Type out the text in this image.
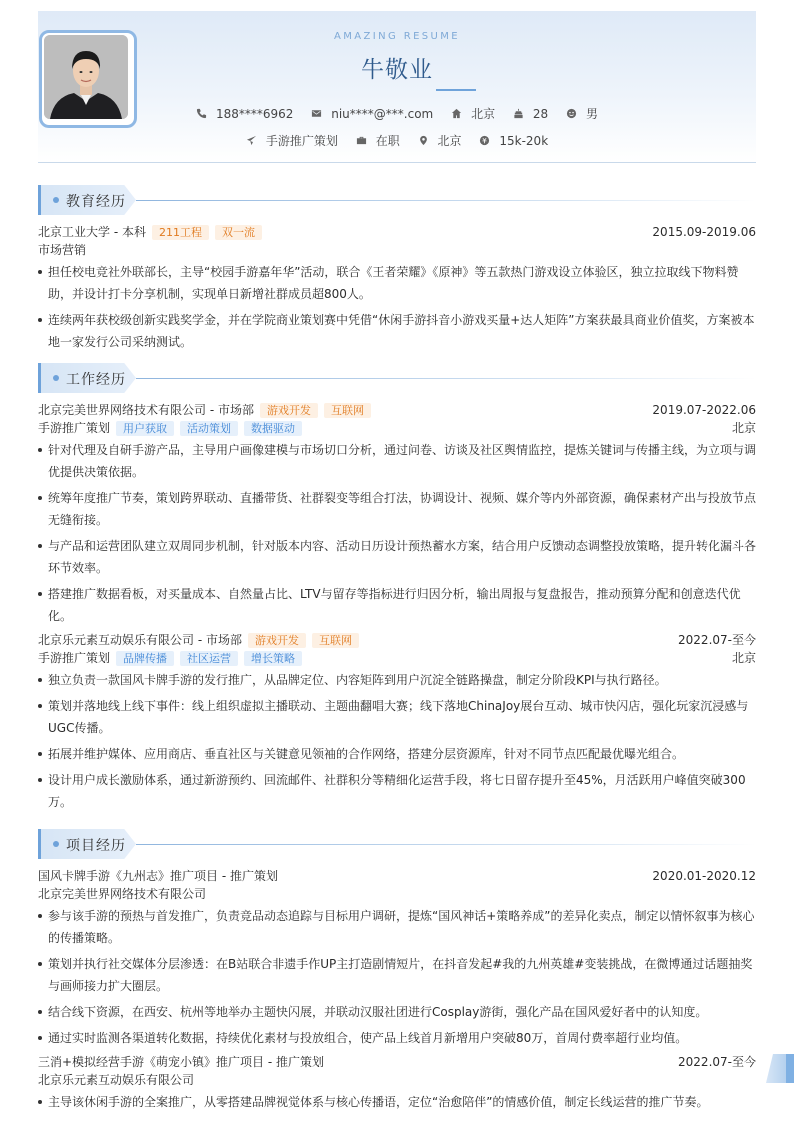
AMAZING RESUME
牛敬业
188****6962
	niu****@***.com
	北京
	28
	男
手游推广策划
	在职
	北京
	15k-20k
教育经历
北京工业大学 - 本科	211工程	双一流	2015.09-2019.06
市场营销
担任校电竞社外联部长，主导“校园手游嘉年华”活动，联合《王者荣耀》《原神》等五款热门游戏设立体验区，独立拉取线下物料赞助，并设计打卡分享机制，实现单日新增社群成员超800人。
连续两年获校级创新实践奖学金，并在学院商业策划赛中凭借“休闲手游抖音小游戏买量+达人矩阵”方案获最具商业价值奖，方案被本地一家发行公司采纳测试。
工作经历
北京完美世界网络技术有限公司 - 市场部	游戏开发	互联网	2019.07-2022.06
手游推广策划	用户获取	活动策划	数据驱动	北京
针对代理及自研手游产品，主导用户画像建模与市场切口分析，通过问卷、访谈及社区舆情监控，提炼关键词与传播主线，为立项与调优提供决策依据。
统筹年度推广节奏，策划跨界联动、直播带货、社群裂变等组合打法，协调设计、视频、媒介等内外部资源，确保素材产出与投放节点无缝衔接。
与产品和运营团队建立双周同步机制，针对版本内容、活动日历设计预热蓄水方案，结合用户反馈动态调整投放策略，提升转化漏斗各环节效率。
搭建推广数据看板，对买量成本、自然量占比、LTV与留存等指标进行归因分析，输出周报与复盘报告，推动预算分配和创意迭代优化。
北京乐元素互动娱乐有限公司 - 市场部	游戏开发	互联网	2022.07-至今
手游推广策划	品牌传播	社区运营	增长策略	北京
独立负责一款国风卡牌手游的发行推广，从品牌定位、内容矩阵到用户沉淀全链路操盘，制定分阶段KPI与执行路径。
策划并落地线上线下事件：线上组织虚拟主播联动、主题曲翻唱大赛；线下落地ChinaJoy展台互动、城市快闪店，强化玩家沉浸感与UGC传播。
拓展并维护媒体、应用商店、垂直社区与关键意见领袖的合作网络，搭建分层资源库，针对不同节点匹配最优曝光组合。
设计用户成长激励体系，通过新游预约、回流邮件、社群积分等精细化运营手段，将七日留存提升至45%，月活跃用户峰值突破300万。
项目经历
国风卡牌手游《九州志》推广项目 - 推广策划	2020.01-2020.12
北京完美世界网络技术有限公司
参与该手游的预热与首发推广，负责竞品动态追踪与目标用户调研，提炼“国风神话+策略养成”的差异化卖点，制定以情怀叙事为核心的传播策略。
策划并执行社交媒体分层渗透：在B站联合非遗手作UP主打造剧情短片，在抖音发起#我的九州英雄#变装挑战，在微博通过话题抽奖与画师接力扩大圈层。
结合线下资源，在西安、杭州等地举办主题快闪展，并联动汉服社团进行Cosplay游街，强化产品在国风爱好者中的认知度。
通过实时监测各渠道转化数据，持续优化素材与投放组合，使产品上线首月新增用户突破80万，首周付费率超行业均值。
三消+模拟经营手游《萌宠小镇》推广项目 - 推广策划	2022.07-至今
北京乐元素互动娱乐有限公司
主导该休闲手游的全案推广，从零搭建品牌视觉体系与核心传播语，定位“治愈陪伴”的情感价值，制定长线运营的推广节奏。
